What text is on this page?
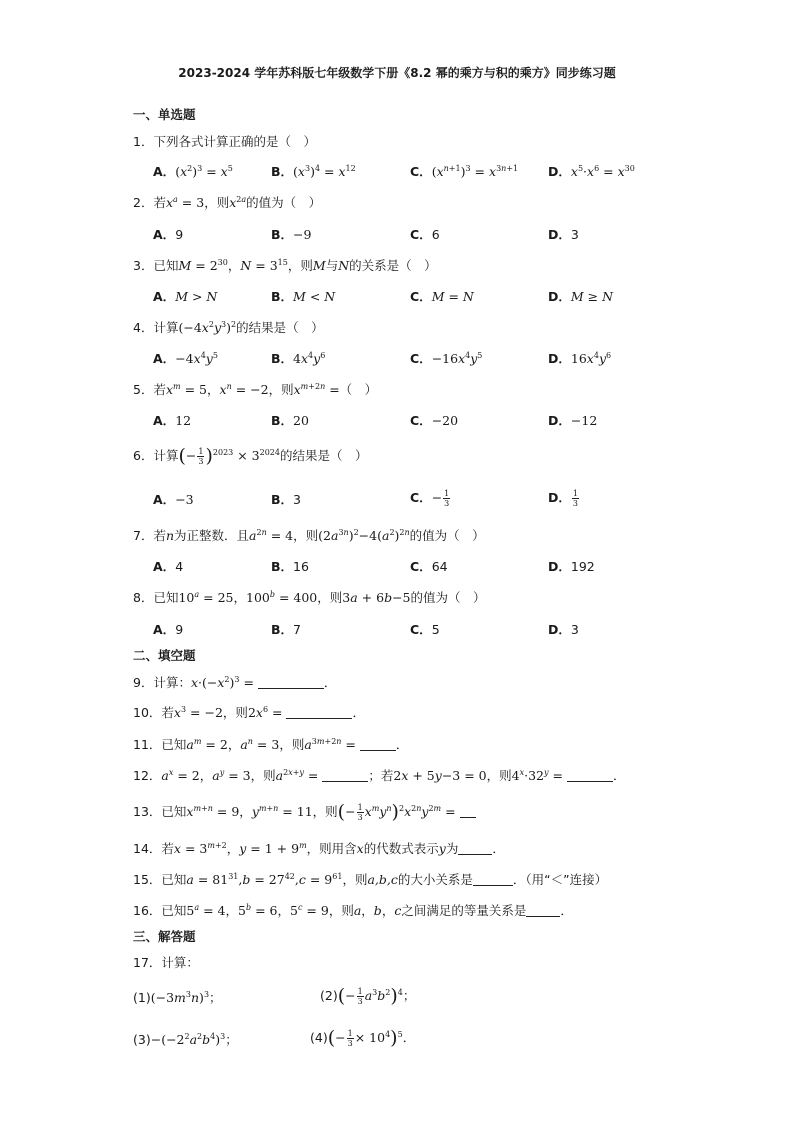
2023-2024 学年苏科版七年级数学下册《8.2 幂的乘方与积的乘方》同步练习题
一、单选题
1．下列各式计算正确的是（　）
A．$(x^2)^3 = x^5$	B．$(x^3)^4 = x^{12}$	C．$(x^{n+1})^3 = x^{3n+1}$ D．$x^5\cdot x^6 = x^{30}$
2．若$x^a = 3$，则$x^{2a}$的值为（　）
A．9	B．−9	C．6	D．3
3．已知$M = 2^{30}$，$N = 3^{15}$，则M与N的关系是（　）
A．M > N	B．M < N	C．M = N	D．M ≥ N
4．计算$(-4x^2y^3)^2$的结果是（　）
A．$-4x^4y^5$	B．$4x^4y^6$	C．$-16x^4y^5$	D．$16x^4y^6$
5．若$x^m = 5$，$x^n = -2$，则$x^{m+2n}$ =（　）
A．12	B．20	C．−20	D．−12
6．计算(− $\frac{1}{3} )^{2023} \times 3^{2024}$的结果是（　）
A．−3	B．3	C．− $\frac{1}{3}$	D． $\frac{1}{3}$
7．若n为正整数．且$a^{2n} = 4$，则$(2a^{3n})^2-4(a^2)^{2n}$的值为（　）
A．4	B．16	C．64	D．192
8．已知$10^a = 25$，$100^b = 400$，则3a + 6b−5的值为（　）
A．9	B．7	C．5	D．3
二、填空题
9．计算：$x\cdot(-x^2)^3$ =	．
10．若$x^3 = -2$，则$2x^6$ =	．
11．已知$a^m = 2$，$a^n = 3$，则$a^{3m+2n}$ =	．
12．$a^x = 2$，$a^y = 3$，则$a^{2x+y}$ =	；若2x + 5y−3 = 0，则$4^x\cdot 32^y$ =	．
13．已知$x^{m+n} = 9$，$y^{m+n} = 11$，则(− $\frac{1}{3} x^my^n)^2x^{2n}y^{2m}$ =
14．若$x = 3^{m+2}$，$y = 1 + 9^m$，则用含x的代数式表示y为	．
15．已知$a = 81^{31},b = 27^{42},c = 9^{61}$，则a,b,c的大小关系是	．（用“＜”连接）
16．已知$5^a = 4$，$5^b = 6$，$5^c = 9$，则a，b，c之间满足的等量关系是	．
三、解答题
17．计算：
$(1)(-3m^3n)^3$；	$(2)(- \frac{1}{3} a^3b^2)^4$；
$(3)-(-2^2a^2b^4)^3$；	$(4)(- \frac{1}{3} \times 10^4)^5$．
